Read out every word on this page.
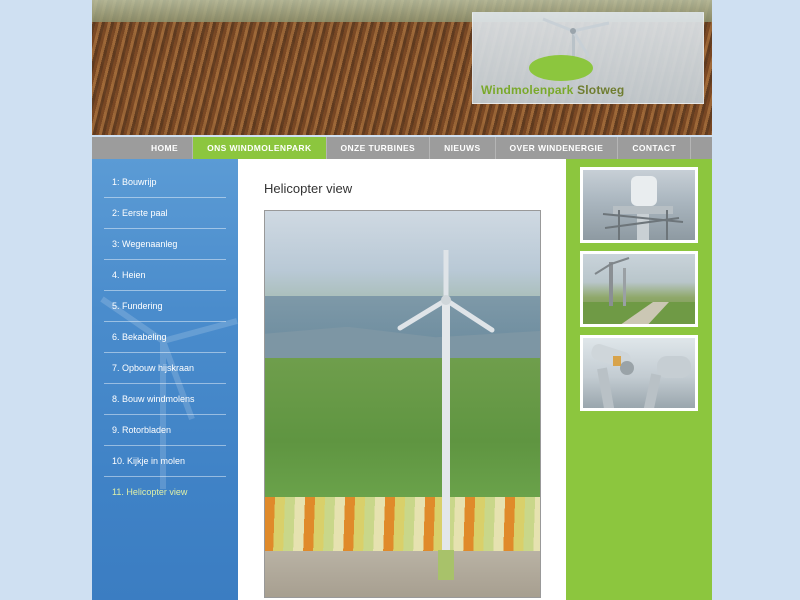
Windmolenpark Slotweg
HOME	ONS WINDMOLENPARK	ONZE TURBINES	NIEUWS	OVER WINDENERGIE	CONTACT
1: Bouwrijp
2: Eerste paal
3: Wegenaanleg
4. Heien
5. Fundering
6. Bekabeling
7. Opbouw hijskraan
8. Bouw windmolens
9. Rotorbladen
10. Kijkje in molen
11. Helicopter view
Helicopter view
